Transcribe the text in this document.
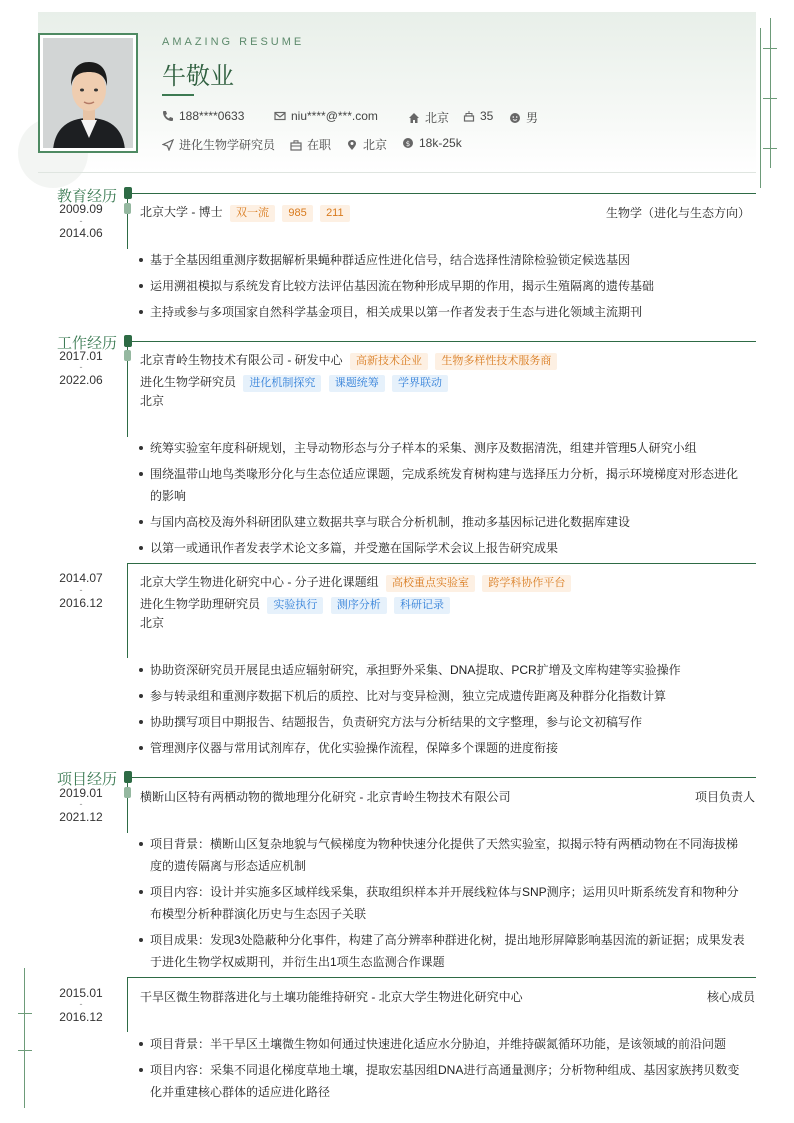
AMAZING RESUME
牛敬业
188****0633	niu****@***.com	北京	35	男
进化生物学研究员	在职	北京	$ 18k-25k
教育经历
2009.09
-
2014.06
北京大学 - 博士 双一流 985 211	生物学（进化与生态方向）
基于全基因组重测序数据解析果蝇种群适应性进化信号，结合选择性清除检验锁定候选基因
运用溯祖模拟与系统发育比较方法评估基因流在物种形成早期的作用，揭示生殖隔离的遗传基础
主持或参与多项国家自然科学基金项目，相关成果以第一作者发表于生态与进化领域主流期刊
工作经历
2017.01
-
2022.06
北京青岭生物技术有限公司 - 研发中心 高新技术企业 生物多样性技术服务商
进化生物学研究员 进化机制探究 课题统筹 学界联动
北京
统筹实验室年度科研规划，主导动物形态与分子样本的采集、测序及数据清洗，组建并管理5人研究小组
围绕温带山地鸟类喙形分化与生态位适应课题，完成系统发育树构建与选择压力分析，揭示环境梯度对形态进化的影响
与国内高校及海外科研团队建立数据共享与联合分析机制，推动多基因标记进化数据库建设
以第一或通讯作者发表学术论文多篇，并受邀在国际学术会议上报告研究成果
2014.07
-
2016.12
北京大学生物进化研究中心 - 分子进化课题组 高校重点实验室 跨学科协作平台
进化生物学助理研究员 实验执行 测序分析 科研记录
北京
协助资深研究员开展昆虫适应辐射研究，承担野外采集、DNA提取、PCR扩增及文库构建等实验操作
参与转录组和重测序数据下机后的质控、比对与变异检测，独立完成遗传距离及种群分化指数计算
协助撰写项目中期报告、结题报告，负责研究方法与分析结果的文字整理，参与论文初稿写作
管理测序仪器与常用试剂库存，优化实验操作流程，保障多个课题的进度衔接
项目经历
2019.01
-
2021.12
横断山区特有两栖动物的微地理分化研究 - 北京青岭生物技术有限公司	项目负责人
项目背景：横断山区复杂地貌与气候梯度为物种快速分化提供了天然实验室，拟揭示特有两栖动物在不同海拔梯度的遗传隔离与形态适应机制
项目内容：设计并实施多区域样线采集，获取组织样本并开展线粒体与SNP测序；运用贝叶斯系统发育和物种分布模型分析种群演化历史与生态因子关联
项目成果：发现3处隐蔽种分化事件，构建了高分辨率种群进化树，提出地形屏障影响基因流的新证据；成果发表于进化生物学权威期刊，并衍生出1项生态监测合作课题
2015.01
-
2016.12
干旱区微生物群落进化与土壤功能维持研究 - 北京大学生物进化研究中心	核心成员
项目背景：半干旱区土壤微生物如何通过快速进化适应水分胁迫，并维持碳氮循环功能，是该领域的前沿问题
项目内容：采集不同退化梯度草地土壤，提取宏基因组DNA进行高通量测序；分析物种组成、基因家族拷贝数变化并重建核心群体的适应进化路径
